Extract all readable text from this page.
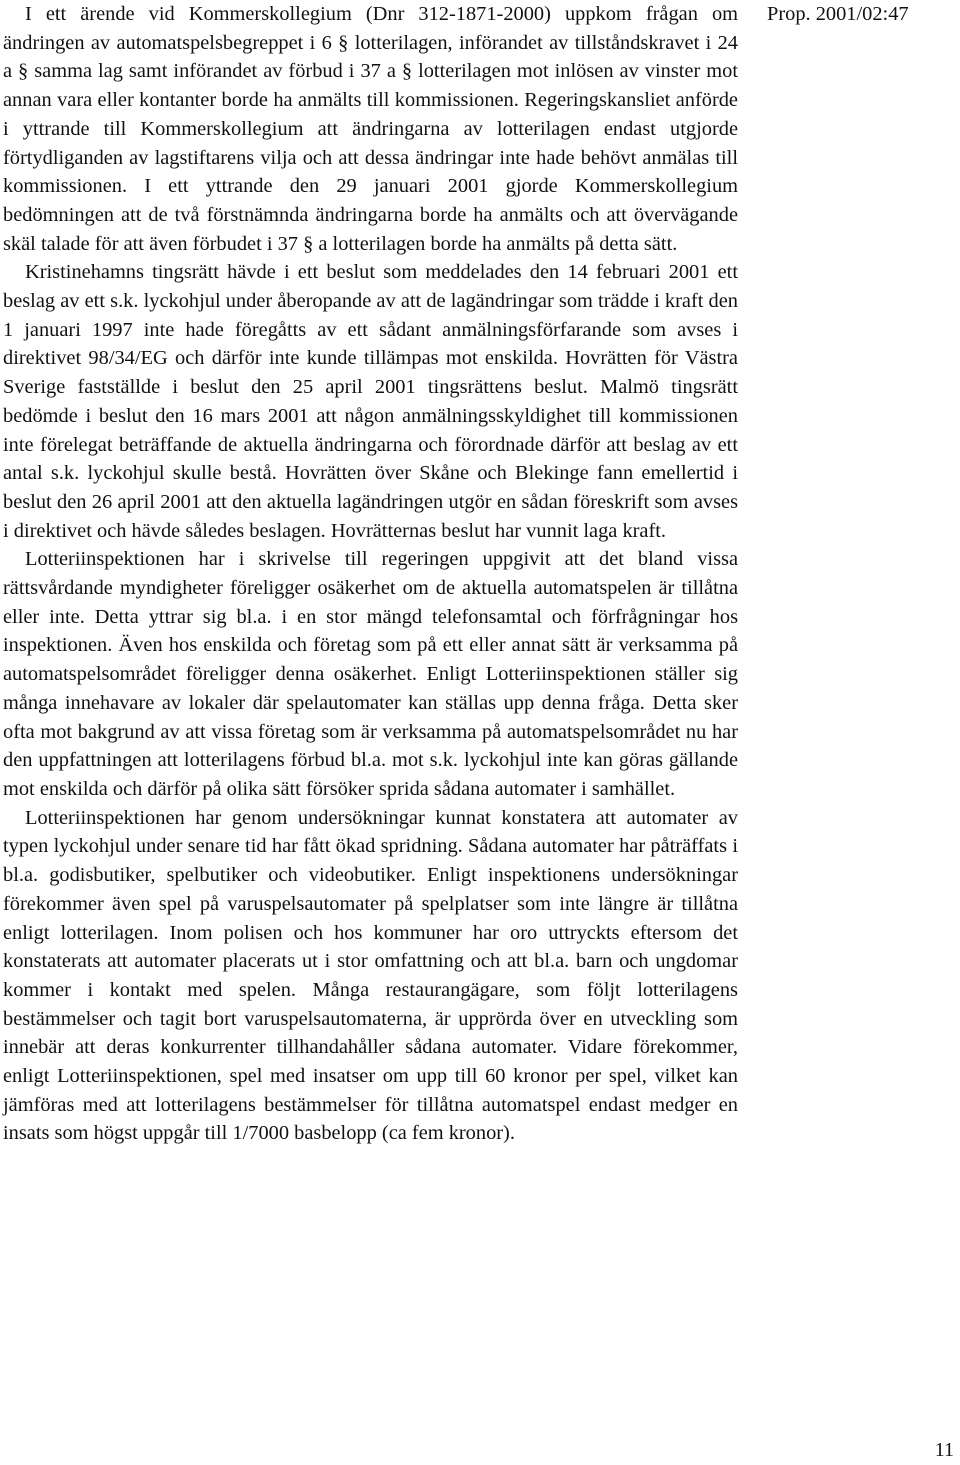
I ett ärende vid Kommerskollegium (Dnr 312-1871-2000) uppkom frågan om ändringen av automatspelsbegreppet i 6 § lotterilagen, införandet av tillståndskravet i 24 a § samma lag samt införandet av förbud i 37 a § lotterilagen mot inlösen av vinster mot annan vara eller kontanter borde ha anmälts till kommissionen. Regeringskansliet anförde i yttrande till Kommerskollegium att ändringarna av lotterilagen endast utgjorde förtydliganden av lagstiftarens vilja och att dessa ändringar inte hade behövt anmälas till kommissionen. I ett yttrande den 29 januari 2001 gjorde Kommerskollegium bedömningen att de två förstnämnda ändringarna borde ha anmälts och att övervägande skäl talade för att även förbudet i 37 § a lotterilagen borde ha anmälts på detta sätt.

Kristinehamns tingsrätt hävde i ett beslut som meddelades den 14 februari 2001 ett beslag av ett s.k. lyckohjul under åberopande av att de lagändringar som trädde i kraft den 1 januari 1997 inte hade föregåtts av ett sådant anmälningsförfarande som avses i direktivet 98/34/EG och därför inte kunde tillämpas mot enskilda. Hovrätten för Västra Sverige fastställde i beslut den 25 april 2001 tingsrättens beslut. Malmö tingsrätt bedömde i beslut den 16 mars 2001 att någon anmälningsskyldighet till kommissionen inte förelegat beträffande de aktuella ändringarna och förordnade därför att beslag av ett antal s.k. lyckohjul skulle bestå. Hovrätten över Skåne och Blekinge fann emellertid i beslut den 26 april 2001 att den aktuella lagändringen utgör en sådan föreskrift som avses i direktivet och hävde således beslagen. Hovrätternas beslut har vunnit laga kraft.

Lotteriinspektionen har i skrivelse till regeringen uppgivit att det bland vissa rättsvårdande myndigheter föreligger osäkerhet om de aktuella automatspelen är tillåtna eller inte. Detta yttrar sig bl.a. i en stor mängd telefonsamtal och förfrågningar hos inspektionen. Även hos enskilda och företag som på ett eller annat sätt är verksamma på automatspelsområdet föreligger denna osäkerhet. Enligt Lotteriinspektionen ställer sig många innehavare av lokaler där spelautomater kan ställas upp denna fråga. Detta sker ofta mot bakgrund av att vissa företag som är verksamma på automatspelsområdet nu har den uppfattningen att lotterilagens förbud bl.a. mot s.k. lyckohjul inte kan göras gällande mot enskilda och därför på olika sätt försöker sprida sådana automater i samhället.

Lotteriinspektionen har genom undersökningar kunnat konstatera att automater av typen lyckohjul under senare tid har fått ökad spridning. Sådana automater har påträffats i bl.a. godisbutiker, spelbutiker och videobutiker. Enligt inspektionens undersökningar förekommer även spel på varuspelsautomater på spelplatser som inte längre är tillåtna enligt lotterilagen. Inom polisen och hos kommuner har oro uttryckts eftersom det konstaterats att automater placerats ut i stor omfattning och att bl.a. barn och ungdomar kommer i kontakt med spelen. Många restaurangägare, som följt lotterilagens bestämmelser och tagit bort varuspelsautomaterna, är upprörda över en utveckling som innebär att deras konkurrenter tillhandahåller sådana automater. Vidare förekommer, enligt Lotteriinspektionen, spel med insatser om upp till 60 kronor per spel, vilket kan jämföras med att lotterilagens bestämmelser för tillåtna automatspel endast medger en insats som högst uppgår till 1/7000 basbelopp (ca fem kronor).

Prop. 2001/02:47
11
